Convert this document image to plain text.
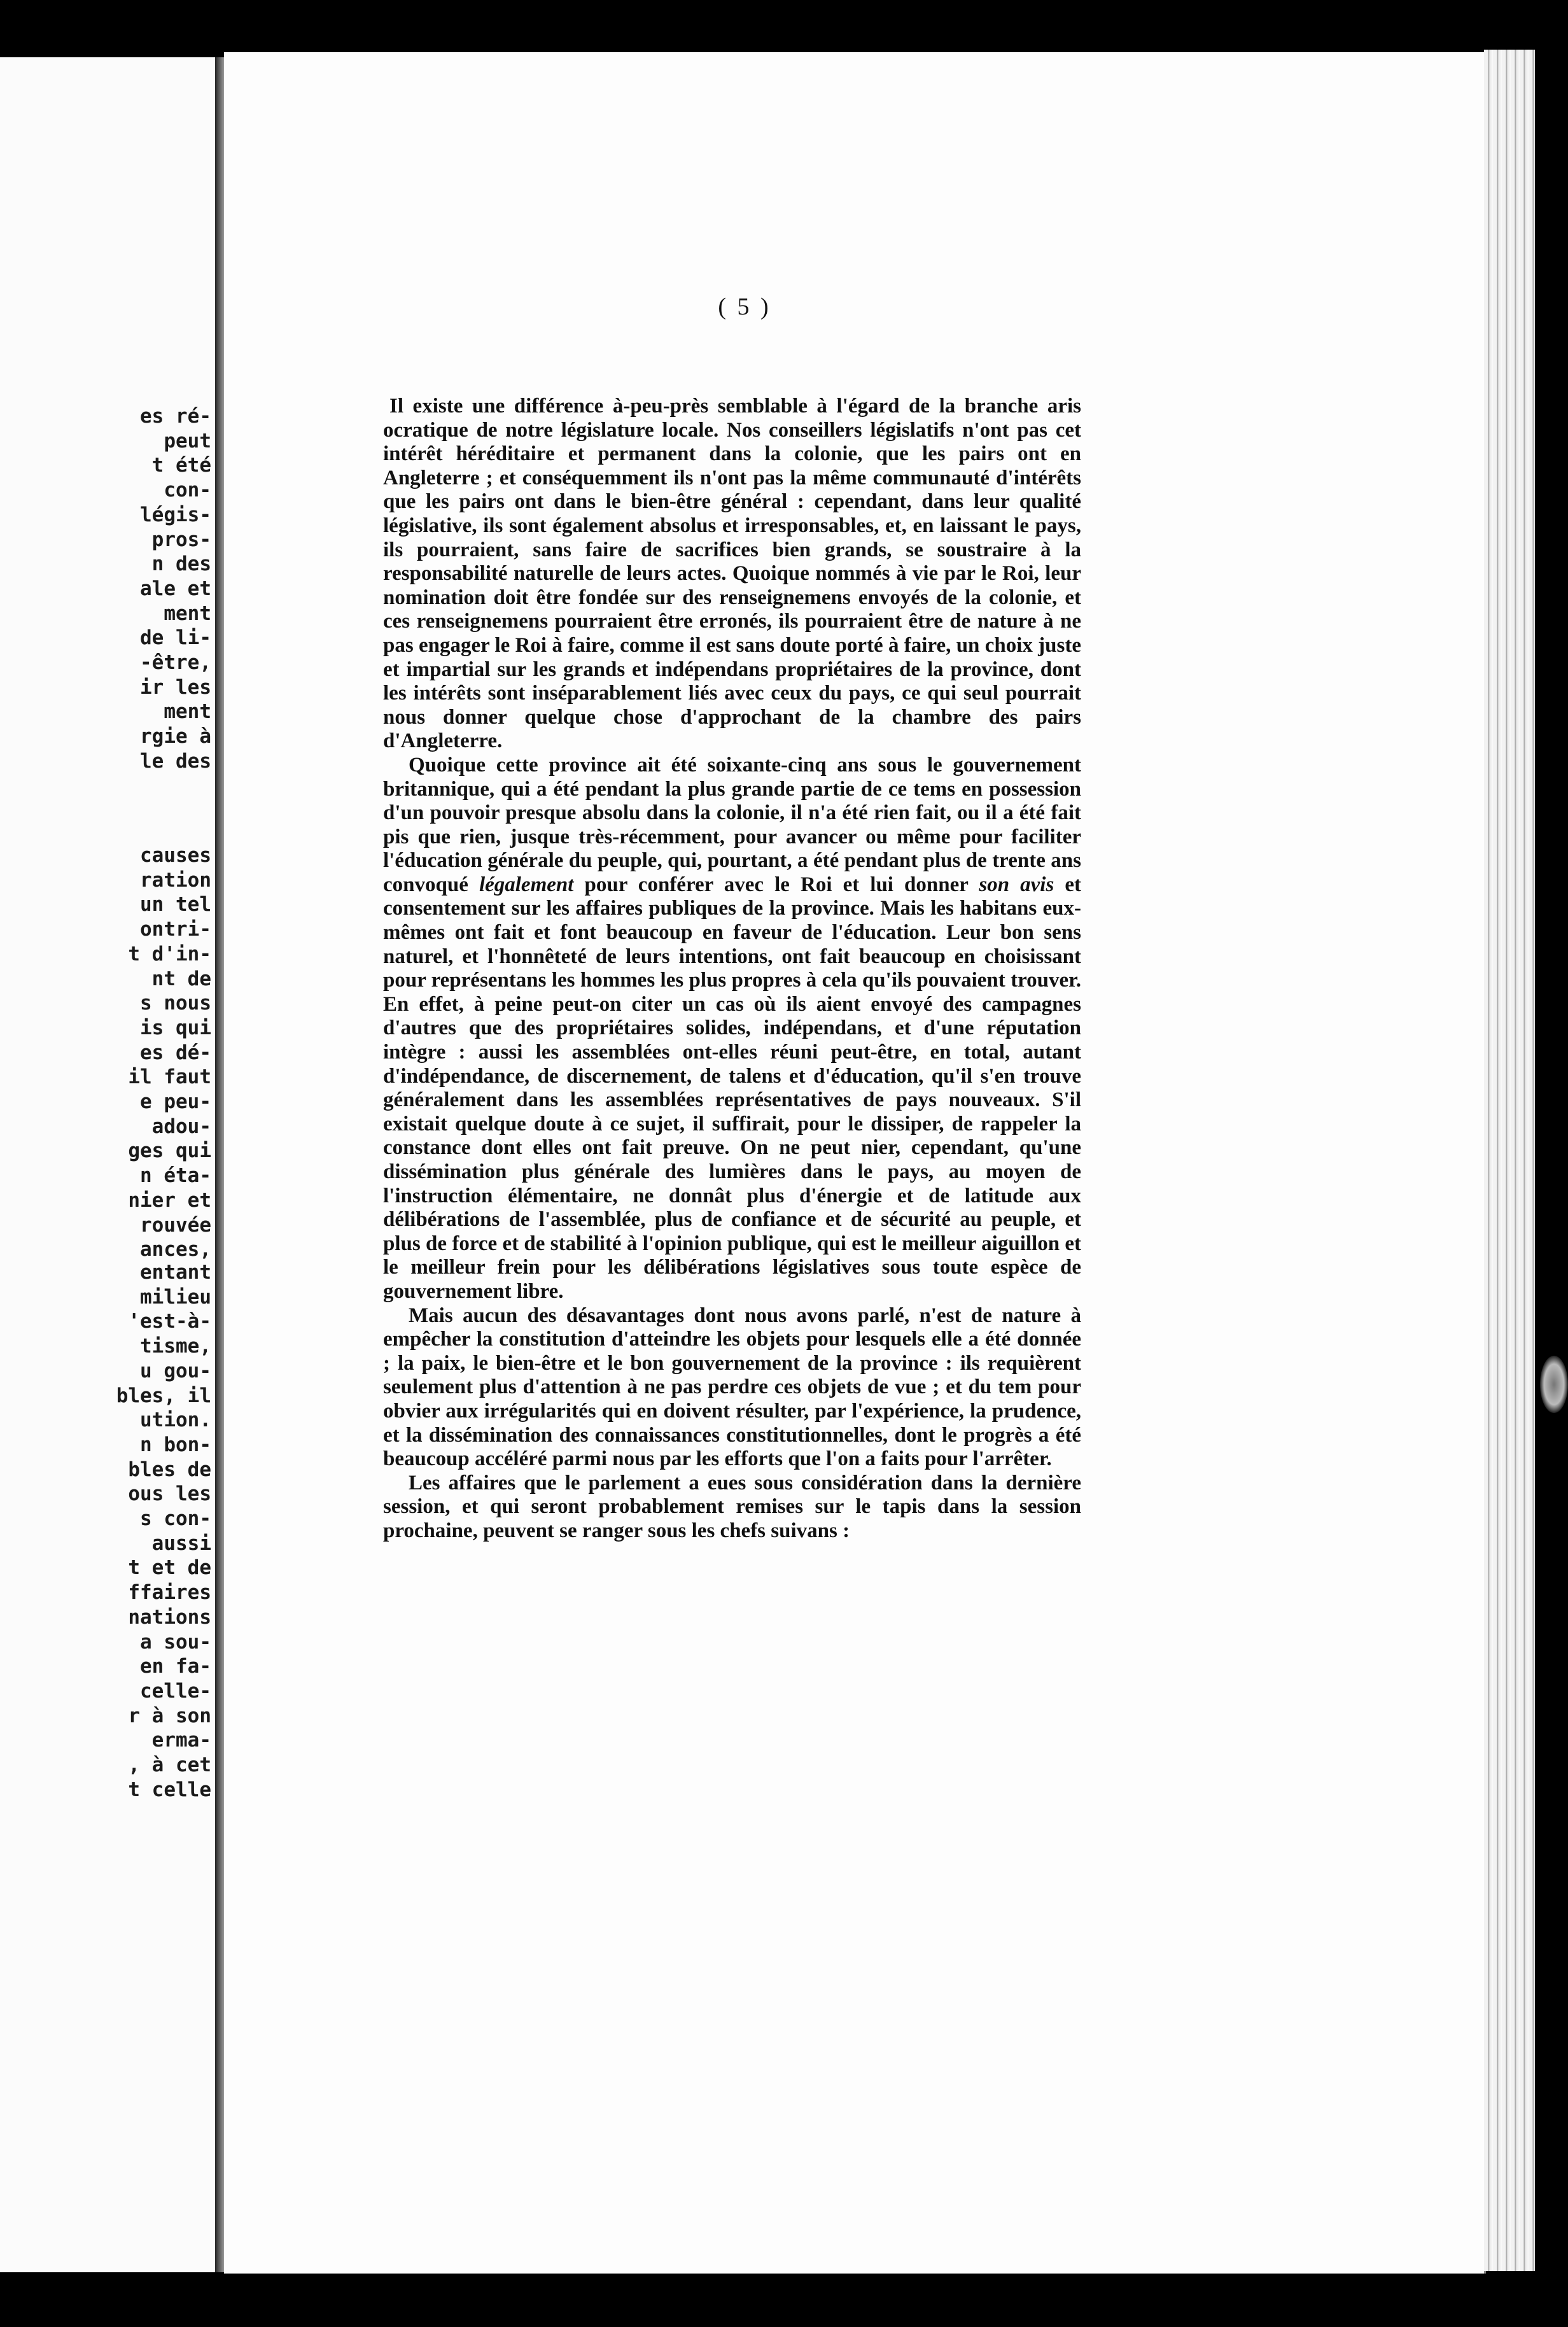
es ré-
peut
t été
con-
légis-
pros-
n des
ale et
ment
de li-
-être,
ir les
ment
rgie à
le des
causes
ration
un tel
ontri-
t d'in-
nt de
s nous
is qui
es dé-
il faut
e peu-
adou-
ges qui
n éta-
nier et
rouvée
ances,
entant
milieu
'est-à-
tisme,
u gou-
bles, il
ution.
n bon-
bles de
ous les
s con-
aussi
t et de
ffaires
nations
a sou-
en fa-
celle-
r à son
erma-
, à cet
t celle

( 5 )

Il existe une différence à-peu-près semblable à l'égard de la branche aris ocratique de notre législature locale. Nos conseillers législatifs n'ont pas cet intérêt héréditaire et permanent dans la colonie, que les pairs ont en Angleterre ; et conséquemment ils n'ont pas la même communauté d'intérêts que les pairs ont dans le bien-être général : cependant, dans leur qualité législative, ils sont également absolus et irresponsables, et, en laissant le pays, ils pourraient, sans faire de sacrifices bien grands, se soustraire à la responsabilité naturelle de leurs actes. Quoique nommés à vie par le Roi, leur nomination doit être fondée sur des renseignemens envoyés de la colonie, et ces renseignemens pourraient être erronés, ils pourraient être de nature à ne pas engager le Roi à faire, comme il est sans doute porté à faire, un choix juste et impartial sur les grands et indépendans propriétaires de la province, dont les intérêts sont inséparablement liés avec ceux du pays, ce qui seul pourrait nous donner quelque chose d'approchant de la chambre des pairs d'Angleterre.

Quoique cette province ait été soixante-cinq ans sous le gouvernement britannique, qui a été pendant la plus grande partie de ce tems en possession d'un pouvoir presque absolu dans la colonie, il n'a été rien fait, ou il a été fait pis que rien, jusque très-récemment, pour avancer ou même pour faciliter l'éducation générale du peuple, qui, pourtant, a été pendant plus de trente ans convoqué légalement pour conférer avec le Roi et lui donner son avis et consentement sur les affaires publiques de la province. Mais les habitans eux-mêmes ont fait et font beaucoup en faveur de l'éducation. Leur bon sens naturel, et l'honnêteté de leurs intentions, ont fait beaucoup en choisissant pour représentans les hommes les plus propres à cela qu'ils pouvaient trouver. En effet, à peine peut-on citer un cas où ils aient envoyé des campagnes d'autres que des propriétaires solides, indépendans, et d'une réputation intègre : aussi les assemblées ont-elles réuni peut-être, en total, autant d'indépendance, de discernement, de talens et d'éducation, qu'il s'en trouve généralement dans les assemblées représentatives de pays nouveaux. S'il existait quelque doute à ce sujet, il suffirait, pour le dissiper, de rappeler la constance dont elles ont fait preuve. On ne peut nier, cependant, qu'une dissémination plus générale des lumières dans le pays, au moyen de l'instruction élémentaire, ne donnât plus d'énergie et de latitude aux délibérations de l'assemblée, plus de confiance et de sécurité au peuple, et plus de force et de stabilité à l'opinion publique, qui est le meilleur aiguillon et le meilleur frein pour les délibérations législatives sous toute espèce de gouvernement libre.

Mais aucun des désavantages dont nous avons parlé, n'est de nature à empêcher la constitution d'atteindre les objets pour lesquels elle a été donnée ; la paix, le bien-être et le bon gouvernement de la province : ils requièrent seulement plus d'attention à ne pas perdre ces objets de vue ; et du tem pour obvier aux irrégularités qui en doivent résulter, par l'expérience, la prudence, et la dissémination des connaissances constitutionnelles, dont le progrès a été beaucoup accéléré parmi nous par les efforts que l'on a faits pour l'arrêter.

Les affaires que le parlement a eues sous considération dans la dernière session, et qui seront probablement remises sur le tapis dans la session prochaine, peuvent se ranger sous les chefs suivans :
